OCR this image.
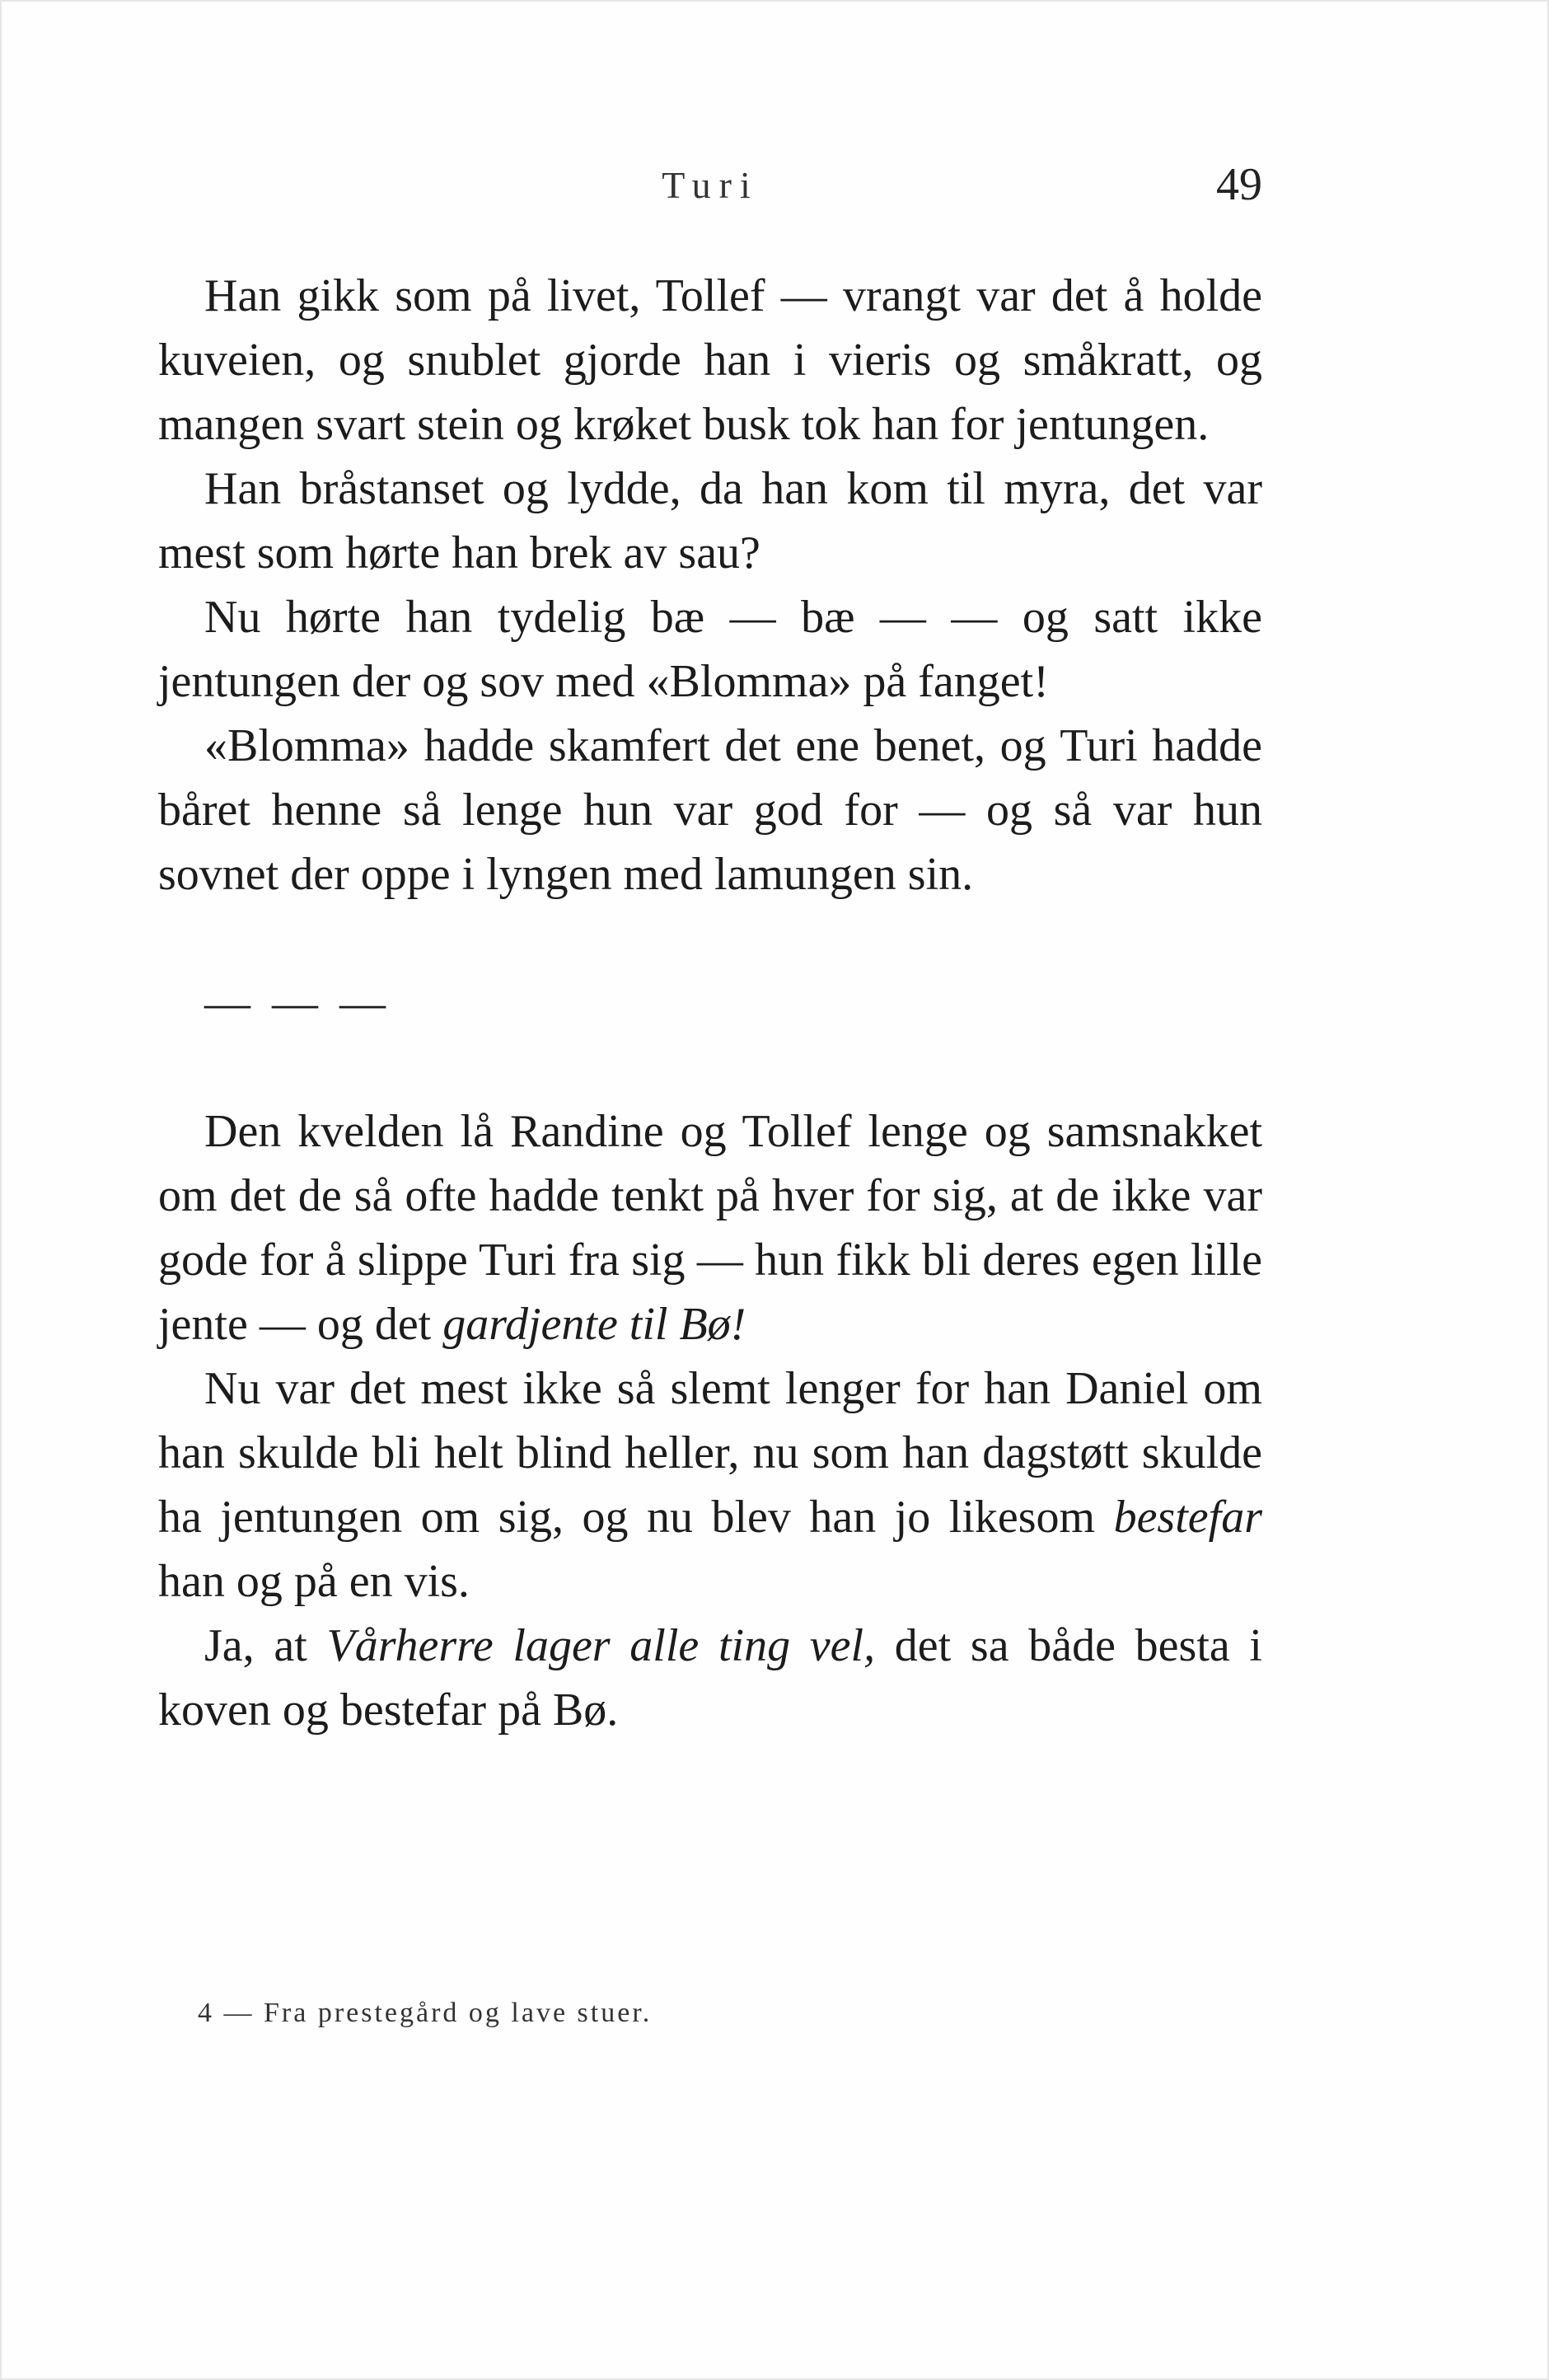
Turi	49

Han gikk som på livet, Tollef — vrangt var det å holde kuveien, og snublet gjorde han i vieris og småkratt, og mangen svart stein og krøket busk tok han for jentungen.

Han bråstanset og lydde, da han kom til myra, det var mest som hørte han brek av sau?

Nu hørte han tydelig bæ — bæ — — og satt ikke jentungen der og sov med «Blomma» på fanget!

«Blomma» hadde skamfert det ene benet, og Turi hadde båret henne så lenge hun var god for — og så var hun sovnet der oppe i lyngen med lamungen sin.

— — —

Den kvelden lå Randine og Tollef lenge og samsnakket om det de så ofte hadde tenkt på hver for sig, at de ikke var gode for å slippe Turi fra sig — hun fikk bli deres egen lille jente — og det gardjente til Bø!

Nu var det mest ikke så slemt lenger for han Daniel om han skulde bli helt blind heller, nu som han dagstøtt skulde ha jentungen om sig, og nu blev han jo likesom bestefar han og på en vis.

Ja, at Vårherre lager alle ting vel, det sa både besta i koven og bestefar på Bø.

4 — Fra prestegård og lave stuer.
